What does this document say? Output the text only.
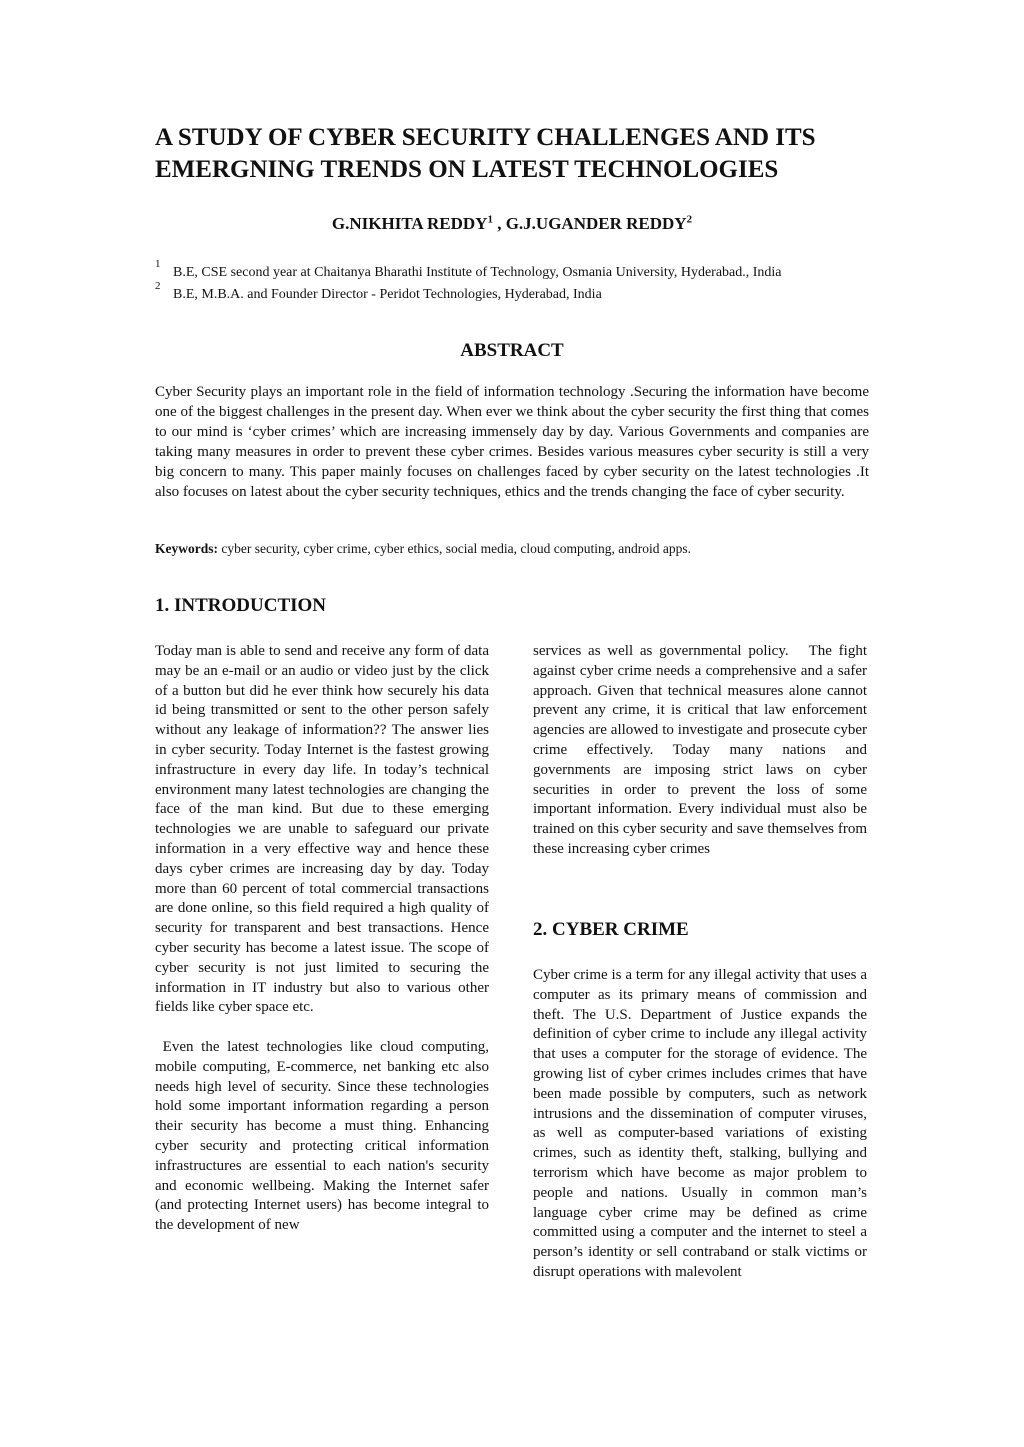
A STUDY OF CYBER SECURITY CHALLENGES AND ITS
EMERGNING TRENDS ON LATEST TECHNOLOGIES
G.NIKHITA REDDY$^1$ , G.J.UGANDER REDDY$^2$
1
B.E, CSE second year at Chaitanya Bharathi Institute of Technology, Osmania University, Hyderabad., India
2
B.E, M.B.A. and Founder Director - Peridot Technologies, Hyderabad, India
ABSTRACT

Cyber Security plays an important role in the field of information technology .Securing the information have become one of the biggest challenges in the present day. When ever we think about the cyber security the first thing that comes to our mind is ‘cyber crimes’ which are increasing immensely day by day. Various Governments and companies are taking many measures in order to prevent these cyber crimes. Besides various measures cyber security is still a very big concern to many. This paper mainly focuses on challenges faced by cyber security on the latest technologies .It also focuses on latest about the cyber security techniques, ethics and the trends changing the face of cyber security.

Keywords: cyber security, cyber crime, cyber ethics, social media, cloud computing, android apps.

1. INTRODUCTION

Today man is able to send and receive any form of data may be an e-mail or an audio or video just by the click of a button but did he ever think how securely his data id being transmitted or sent to the other person safely without any leakage of information?? The answer lies in cyber security. Today Internet is the fastest growing infrastructure in every day life. In today’s technical environment many latest technologies are changing the face of the man kind. But due to these emerging technologies we are unable to safeguard our private information in a very effective way and hence these days cyber crimes are increasing day by day. Today more than 60 percent of total commercial transactions are done online, so this field required a high quality of security for transparent and best transactions. Hence cyber security has become a latest issue. The scope of cyber security is not just limited to securing the information in IT industry but also to various other fields like cyber space etc.

Even the latest technologies like cloud computing, mobile computing, E-commerce, net banking etc also needs high level of security. Since these technologies hold some important information regarding a person their security has become a must thing. Enhancing cyber security and protecting critical information infrastructures are essential to each nation's security and economic wellbeing. Making the Internet safer (and protecting Internet users) has become integral to the development of new

services as well as governmental policy.   The fight against cyber crime needs a comprehensive and a safer approach. Given that technical measures alone cannot prevent any crime, it is critical that law enforcement agencies are allowed to investigate and prosecute cyber crime effectively. Today many nations and governments are imposing strict laws on cyber securities in order to prevent the loss of some important information. Every individual must also be trained on this cyber security and save themselves from these increasing cyber crimes

2. CYBER CRIME

Cyber crime is a term for any illegal activity that uses a computer as its primary means of commission and theft. The U.S. Department of Justice expands the definition of cyber crime to include any illegal activity that uses a computer for the storage of evidence. The growing list of cyber crimes includes crimes that have been made possible by computers, such as network intrusions and the dissemination of computer viruses, as well as computer-based variations of existing crimes, such as identity theft, stalking, bullying and terrorism which have become as major problem to people and nations. Usually in common man’s language cyber crime may be defined as crime committed using a computer and the internet to steel a person’s identity or sell contraband or stalk victims or disrupt operations with malevolent
